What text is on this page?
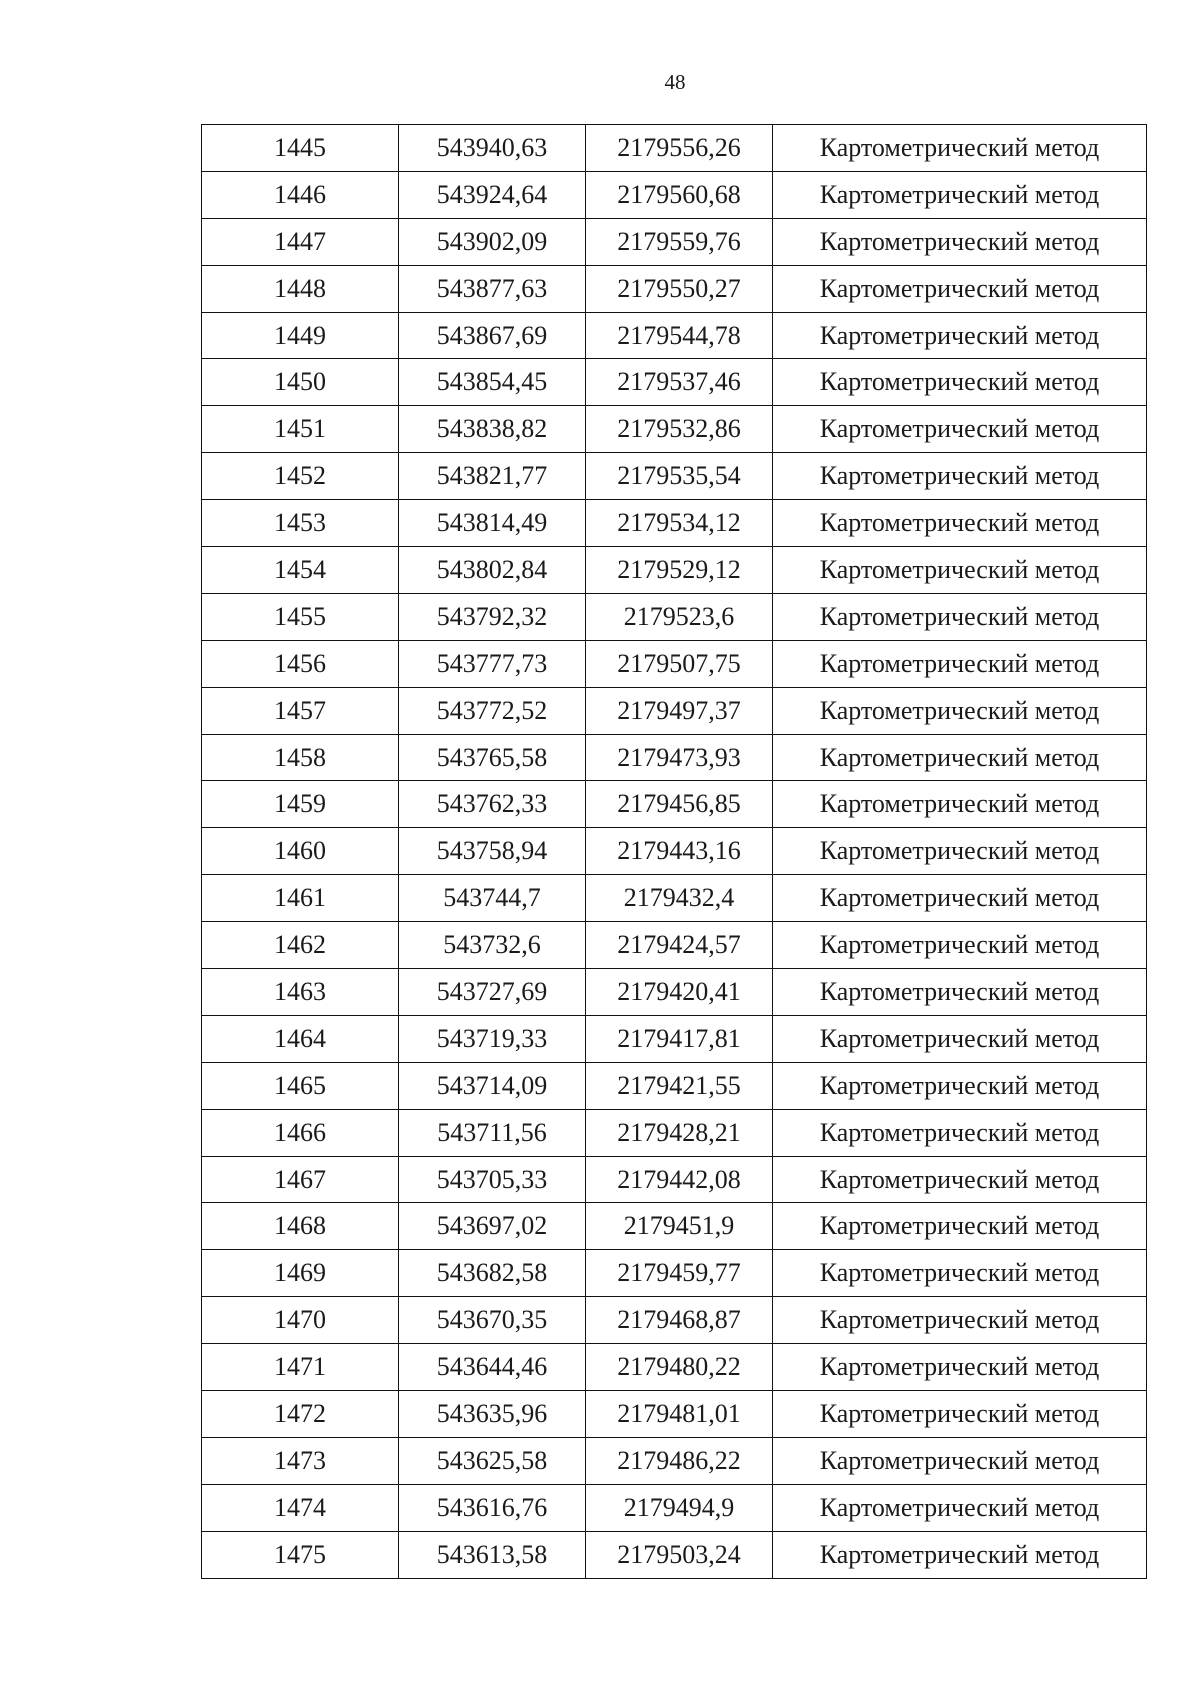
48
1445	543940,63	2179556,26	Картометрический метод
1446	543924,64	2179560,68	Картометрический метод
1447	543902,09	2179559,76	Картометрический метод
1448	543877,63	2179550,27	Картометрический метод
1449	543867,69	2179544,78	Картометрический метод
1450	543854,45	2179537,46	Картометрический метод
1451	543838,82	2179532,86	Картометрический метод
1452	543821,77	2179535,54	Картометрический метод
1453	543814,49	2179534,12	Картометрический метод
1454	543802,84	2179529,12	Картометрический метод
1455	543792,32	2179523,6	Картометрический метод
1456	543777,73	2179507,75	Картометрический метод
1457	543772,52	2179497,37	Картометрический метод
1458	543765,58	2179473,93	Картометрический метод
1459	543762,33	2179456,85	Картометрический метод
1460	543758,94	2179443,16	Картометрический метод
1461	543744,7	2179432,4	Картометрический метод
1462	543732,6	2179424,57	Картометрический метод
1463	543727,69	2179420,41	Картометрический метод
1464	543719,33	2179417,81	Картометрический метод
1465	543714,09	2179421,55	Картометрический метод
1466	543711,56	2179428,21	Картометрический метод
1467	543705,33	2179442,08	Картометрический метод
1468	543697,02	2179451,9	Картометрический метод
1469	543682,58	2179459,77	Картометрический метод
1470	543670,35	2179468,87	Картометрический метод
1471	543644,46	2179480,22	Картометрический метод
1472	543635,96	2179481,01	Картометрический метод
1473	543625,58	2179486,22	Картометрический метод
1474	543616,76	2179494,9	Картометрический метод
1475	543613,58	2179503,24	Картометрический метод
